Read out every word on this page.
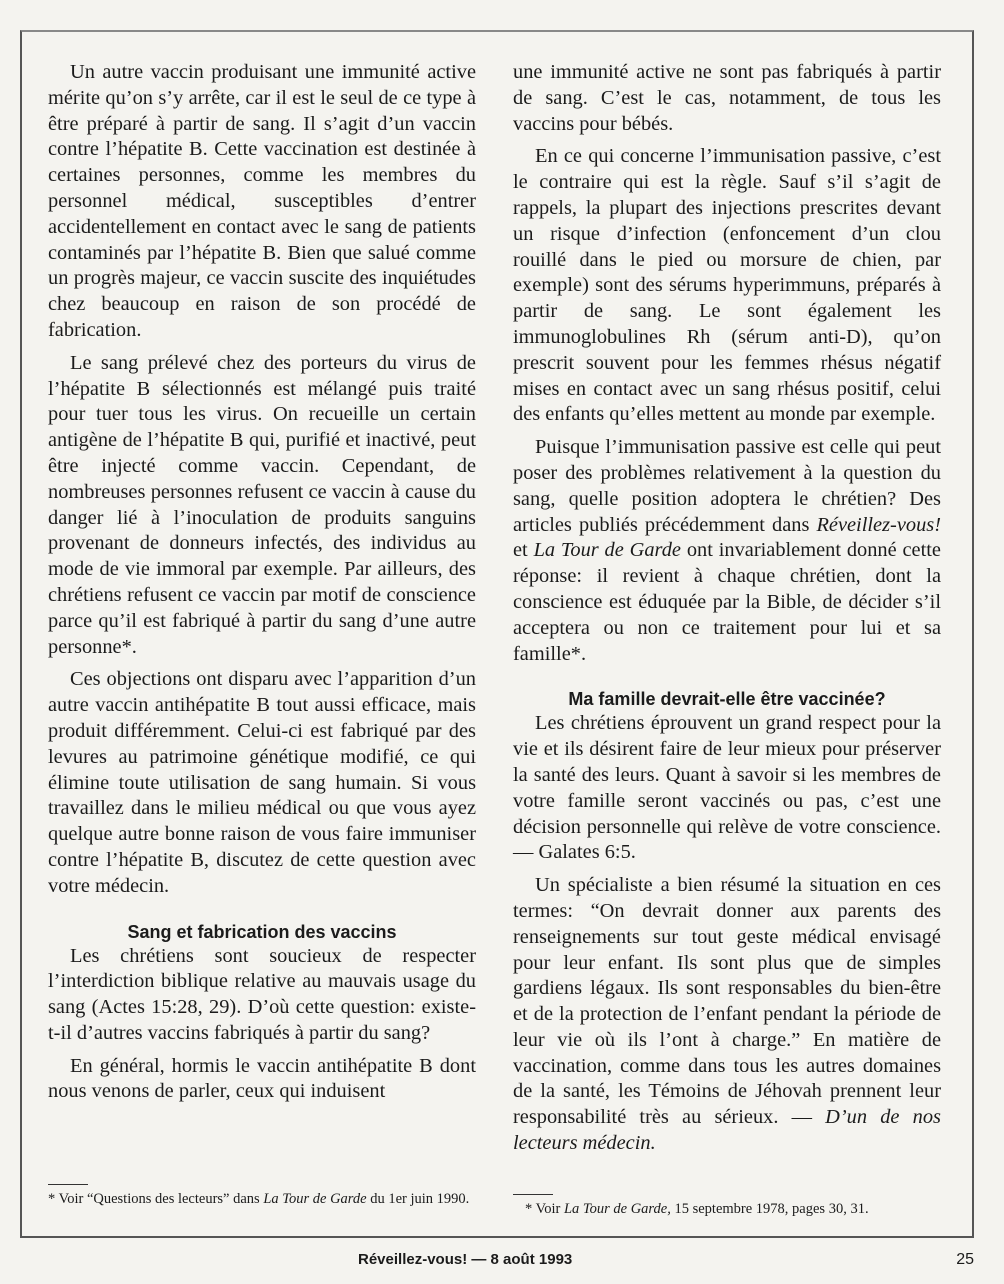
Un autre vaccin produisant une immunité active mérite qu’on s’y arrête, car il est le seul de ce type à être préparé à partir de sang. Il s’agit d’un vaccin contre l’hépatite B. Cette vaccination est destinée à certaines personnes, comme les membres du personnel médical, susceptibles d’entrer accidentellement en contact avec le sang de patients contaminés par l’hépatite B. Bien que salué comme un progrès majeur, ce vaccin suscite des inquiétudes chez beaucoup en raison de son procédé de fabrication.

Le sang prélevé chez des porteurs du virus de l’hépatite B sélectionnés est mélangé puis traité pour tuer tous les virus. On recueille un certain antigène de l’hépatite B qui, purifié et inactivé, peut être injecté comme vaccin. Cependant, de nombreuses personnes refusent ce vaccin à cause du danger lié à l’inoculation de produits sanguins provenant de donneurs infectés, des individus au mode de vie immoral par exemple. Par ailleurs, des chrétiens refusent ce vaccin par motif de conscience parce qu’il est fabriqué à partir du sang d’une autre personne*.

Ces objections ont disparu avec l’apparition d’un autre vaccin antihépatite B tout aussi efficace, mais produit différemment. Celui-ci est fabriqué par des levures au patrimoine génétique modifié, ce qui élimine toute utilisation de sang humain. Si vous travaillez dans le milieu médical ou que vous ayez quelque autre bonne raison de vous faire immuniser contre l’hépatite B, discutez de cette question avec votre médecin.

Sang et fabrication des vaccins

Les chrétiens sont soucieux de respecter l’interdiction biblique relative au mauvais usage du sang (Actes 15:28, 29). D’où cette question: existe-t-il d’autres vaccins fabriqués à partir du sang?

En général, hormis le vaccin antihépatite B dont nous venons de parler, ceux qui induisent

* Voir “Questions des lecteurs” dans La Tour de Garde du 1er juin 1990.

une immunité active ne sont pas fabriqués à partir de sang. C’est le cas, notamment, de tous les vaccins pour bébés.

En ce qui concerne l’immunisation passive, c’est le contraire qui est la règle. Sauf s’il s’agit de rappels, la plupart des injections prescrites devant un risque d’infection (enfoncement d’un clou rouillé dans le pied ou morsure de chien, par exemple) sont des sérums hyperimmuns, préparés à partir de sang. Le sont également les immunoglobulines Rh (sérum anti-D), qu’on prescrit souvent pour les femmes rhésus négatif mises en contact avec un sang rhésus positif, celui des enfants qu’elles mettent au monde par exemple.

Puisque l’immunisation passive est celle qui peut poser des problèmes relativement à la question du sang, quelle position adoptera le chrétien? Des articles publiés précédemment dans Réveillez-vous! et La Tour de Garde ont invariablement donné cette réponse: il revient à chaque chrétien, dont la conscience est éduquée par la Bible, de décider s’il acceptera ou non ce traitement pour lui et sa famille*.

Ma famille devrait-elle être vaccinée?

Les chrétiens éprouvent un grand respect pour la vie et ils désirent faire de leur mieux pour préserver la santé des leurs. Quant à savoir si les membres de votre famille seront vaccinés ou pas, c’est une décision personnelle qui relève de votre conscience. — Galates 6:5.

Un spécialiste a bien résumé la situation en ces termes: “On devrait donner aux parents des renseignements sur tout geste médical envisagé pour leur enfant. Ils sont plus que de simples gardiens légaux. Ils sont responsables du bien-être et de la protection de l’enfant pendant la période de leur vie où ils l’ont à charge.” En matière de vaccination, comme dans tous les autres domaines de la santé, les Témoins de Jéhovah prennent leur responsabilité très au sérieux. — D’un de nos lecteurs médecin.

* Voir La Tour de Garde, 15 septembre 1978, pages 30, 31.
Réveillez-vous! — 8 août 1993	25
